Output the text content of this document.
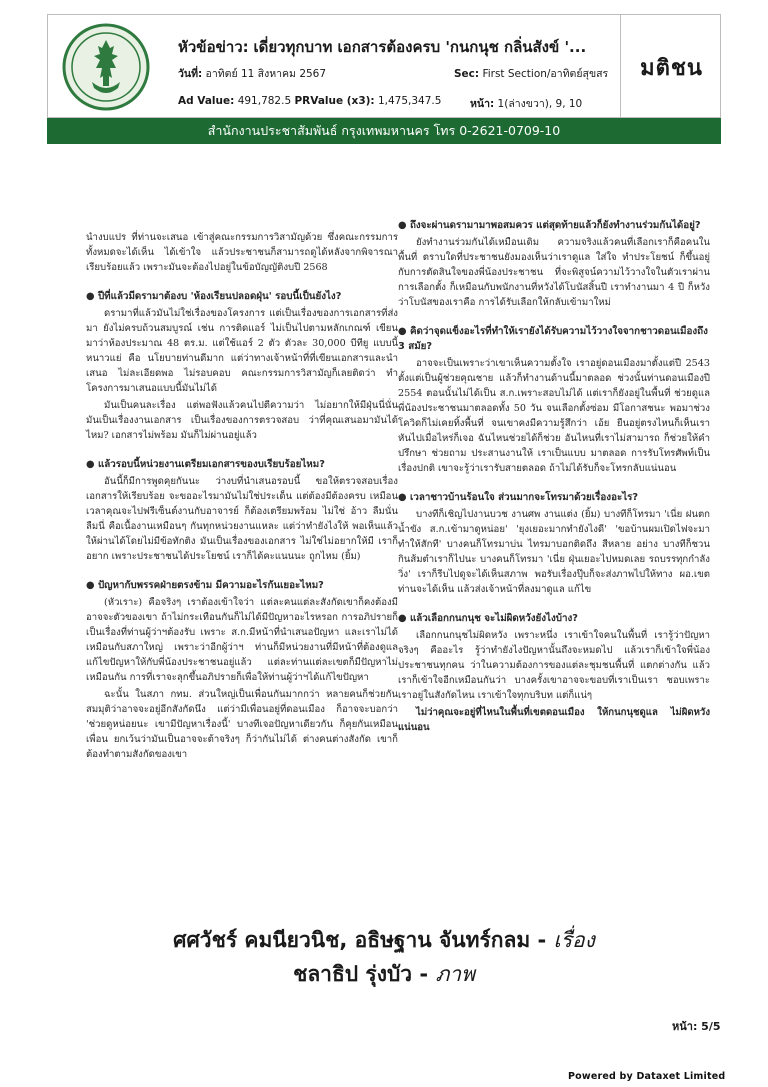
หัวข้อข่าว: เดี่ยวทุกบาท เอกสารต้องครบ 'กนกนุช กลิ่นสังข์ '...
วันที่: อาทิตย์ 11 สิงหาคม 2567	Sec: First Section/อาทิตย์สุขสร
Ad Value: 491,782.5 PRValue (x3): 1,475,347.5	หน้า: 1(ล่างขวา), 9, 10
มติชน
สำนักงานประชาสัมพันธ์ กรุงเทพมหานคร โทร 0-2621-0709-10

นำงบแปร ที่ท่านจะเสนอ เข้าสู่คณะกรรมการวิสามัญด้วย ซึ่งคณะกรรมการทั้งหมดจะได้เห็น ได้เข้าใจ แล้วประชาชนก็สามารถดูได้หลังจากพิจารณาเรียบร้อยแล้ว เพราะมันจะต้องไปอยู่ในข้อบัญญัติงบปี 2568

● ปีที่แล้วมีดรามาต้องบ 'ห้องเรียนปลอดฝุ่น' รอบนี้เป็นยังไง?

ดรามาที่แล้วมันไม่ใช่เรื่องของโครงการ แต่เป็นเรื่องของการเอกสารที่ส่งมา ยังไม่ครบถ้วนสมบูรณ์ เช่น การติดแอร์ ไม่เป็นไปตามหลักเกณฑ์ เขียนมาว่าห้องประมาณ 48 ตร.ม. แต่ใช้แอร์ 2 ตัว ตัวละ 30,000 บีทียู แบบนี้หนาวแย่ คือ นโยบายท่านดีมาก แต่ว่าทางเจ้าหน้าที่ที่เขียนเอกสารและนำเสนอ ไม่ละเอียดพอ ไม่รอบคอบ คณะกรรมการวิสามัญก็เลยติดว่า ทำโครงการมาเสนอแบบนี้มันไม่ได้

มันเป็นคนละเรื่อง แต่พอฟังแล้วคนไปตีความว่า ไม่อยากให้มีฝุ่นนี่นั่น มันเป็นเรื่องงานเอกสาร เป็นเรื่องของการตรวจสอบ ว่าที่คุณเสนอมามันได้ไหม? เอกสารไม่พร้อม มันก็ไม่ผ่านอยู่แล้ว

● แล้วรอบนี้หน่วยงานเตรียมเอกสารของบเรียบร้อยไหม?

อันนี้ก็มีการพูดคุยกันนะ ว่างบที่นำเสนอรอบนี้ ขอให้ตรวจสอบเรื่องเอกสารให้เรียบร้อย จะขออะไรมามันไม่ใช่ประเด็น แต่ต้องมีต้องครบ เหมือนเวลาคุณจะไปฟรีเซ็นต์งานกับอาจารย์ ก็ต้องเตรียมพร้อม ไม่ใช่ อ้าว ลืมนั่นลืมนี่ คือเนื้องานเหมือนๆ กันทุกหน่วยงานแหละ แต่ว่าทำยังไงให้ พอเห็นแล้วให้ผ่านได้โดยไม่มีข้อทักติง มันเป็นเรื่องของเอกสาร ไม่ใช่ไม่อยากให้มี เราก็อยาก เพราะประชาชนได้ประโยชน์ เราก็ได้คะแนนนะ ถูกไหม (ยิ้ม)

● ปัญหากับพรรคฝ่ายตรงข้าม มีความอะไรกันเยอะไหม?

(หัวเราะ) คือจริงๆ เราต้องเข้าใจว่า แต่ละคนแต่ละสังกัดเขาก็คงต้องมีอาจจะตัวของเขา ถ้าไม่กระเทือนกันก็ไม่ได้มีปัญหาอะไรหรอก การอภิปรายก็เป็นเรื่องที่ท่านผู้ว่าฯต้องรับ เพราะ ส.ก.มีหน้าที่นำเสนอปัญหา และเราไม่ได้เหมือนกับสภาใหญ่ เพราะว่าอีกผู้ว่าฯ ท่านก็มีหน่วยงานที่มีหน้าที่ต้องดูแล แก้ไขปัญหาให้กับพี่น้องประชาชนอยู่แล้ว แต่ละท่านแต่ละเขตก็มีปัญหาไม่เหมือนกัน การที่เราจะลุกขึ้นอภิปรายก็เพื่อให้ท่านผู้ว่าฯได้แก้ไขปัญหา

ฉะนั้น ในสภา กทม. ส่วนใหญ่เป็นเพื่อนกันมากกว่า หลายคนก็ช่วยกัน สมมุติว่าอาจจะอยู่อีกสังกัดนึง แต่ว่ามีเพื่อนอยู่ที่ดอนเมือง ก็อาจจะบอกว่า 'ช่วยดูหน่อยนะ เขามีปัญหาเรื่องนี้' บางทีเจอปัญหาเดียวกัน ก็คุยกันเหมือนเพื่อน ยกเว้นว่ามันเป็นอาจจะต้าจริงๆ ก็ว่ากันไม่ได้ ต่างคนต่างสังกัด เขาก็ต้องทำตามสังกัดของเขา

● ถึงจะผ่านดรามามาพอสมควร แต่สุดท้ายแล้วก็ยังทำงานร่วมกันได้อยู่?

ยังทำงานร่วมกันได้เหมือนเดิม ความจริงแล้วคนที่เลือกเราก็คือคนในพื้นที่ ตราบใดที่ประชาชนยังมองเห็นว่าเราดูแล ใส่ใจ ทำประโยชน์ ก็ขึ้นอยู่กับการตัดสินใจของพี่น้องประชาชน ที่จะพิสูจน์ความไว้วางใจในตัวเราผ่านการเลือกตั้ง ก็เหมือนกับพนักงานที่หวังได้โบนัสสิ้นปี เราทำงานมา 4 ปี ก็หวังว่าโบนัสของเราคือ การได้รับเลือกให้กลับเข้ามาใหม่

● คิดว่าจุดแข็งอะไรที่ทำให้เรายังได้รับความไว้วางใจจากชาวดอนเมืองถึง 3 สมัย?

อาจจะเป็นเพราะว่าเขาเห็นความตั้งใจ เราอยู่ดอนเมืองมาตั้งแต่ปี 2543 ตั้งแต่เป็นผู้ช่วยคุณชาย แล้วก็ทำงานด้านนี้มาตลอด ช่วงนั้นท่านดอนเมืองปี 2554 ตอนนั้นไม่ได้เป็น ส.ก.เพราะสอบไม่ได้ แต่เราก็ยังอยู่ในพื้นที่ ช่วยดูแลพี่น้องประชาชนมาตลอดทั้ง 50 วัน จนเลือกตั้งซ่อม มีโอกาสชนะ พอมาช่วงโควิดก็ไม่เคยทิ้งพื้นที่ จนเขาคงมีความรู้สึกว่า เอ้ย ยืนอยู่ตรงไหนก็เห็นเรา หันไปเมื่อไหร่ก็เจอ ฉันไหนช่วยได้ก็ช่วย อันไหนที่เราไม่สามารถ ก็ช่วยให้คำปรึกษา ช่วยถาม ประสานงานให้ เราเป็นแบบ มาตลอด การรับโทรศัพท์เป็นเรื่องปกติ เขาจะรู้ว่าเรารับสายตลอด ถ้าไม่ได้รับก็จะโทรกลับแน่นอน

● เวลาชาวบ้านร้อนใจ ส่วนมากจะโทรมาด้วยเรื่องอะไร?

บางทีก็เชิญไปงานบวช งานศพ งานแต่ง (ยิ้ม) บางทีก็โทรมา 'เนี่ย ฝนตกน้ำขัง ส.ก.เข้ามาดูหน่อย' 'ยุงเยอะมากทำยังไงดี' 'ขอบ้านผมเปิดไฟจะมาทำให้สักที' บางคนก็โทรมาบ่น ไทรมาบอกติดถึง สีหลาย อย่าง บางทีก็ชวนกินส้มตำเราก็ไปนะ บางคนก็โทรมา 'เนี่ย ฝุ่นเยอะไปหมดเลย รถบรรทุกกำลังวิ่ง' เราก็รีบไปดูจะได้เห็นสภาพ พอรับเรื่องปุ๊บก็จะส่งภาพไปให้ทาง ผอ.เขต ท่านจะได้เห็น แล้วส่งเจ้าหน้าที่ลงมาดูแล แก้ไข

● แล้วเลือกกนกนุช จะไม่ผิดหวังยังไงบ้าง?

เลือกกนกนุชไม่ผิดหวัง เพราะหนึ่ง เราเข้าใจคนในพื้นที่ เรารู้ว่าปัญหาจริงๆ คืออะไร รู้ว่าทำยังไงปัญหานั้นถึงจะหมดไป แล้วเราก็เข้าใจพี่น้องประชาชนทุกคน ว่าในความต้องการของแต่ละชุมชนพื้นที่ แตกต่างกัน แล้วเราก็เข้าใจอีกเหมือนกันว่า บางครั้งเขาอาจจะขอบที่เราเป็นเรา ชอบเพราะเราอยู่ในสังกัดไหน เราเข้าใจทุกบริบท แต่ก็แน่ๆ

ไม่ว่าคุณจะอยู่ที่ไหนในพื้นที่เขตดอนเมือง ให้กนกนุชดูแล ไม่ผิดหวังแน่นอน

ศศวัชร์ คมนียวนิช, อธิษฐาน จันทร์กลม - เรื่อง
ชลาธิป รุ่งบัว - ภาพ
หน้า: 5/5
Powered by Dataxet Limited
